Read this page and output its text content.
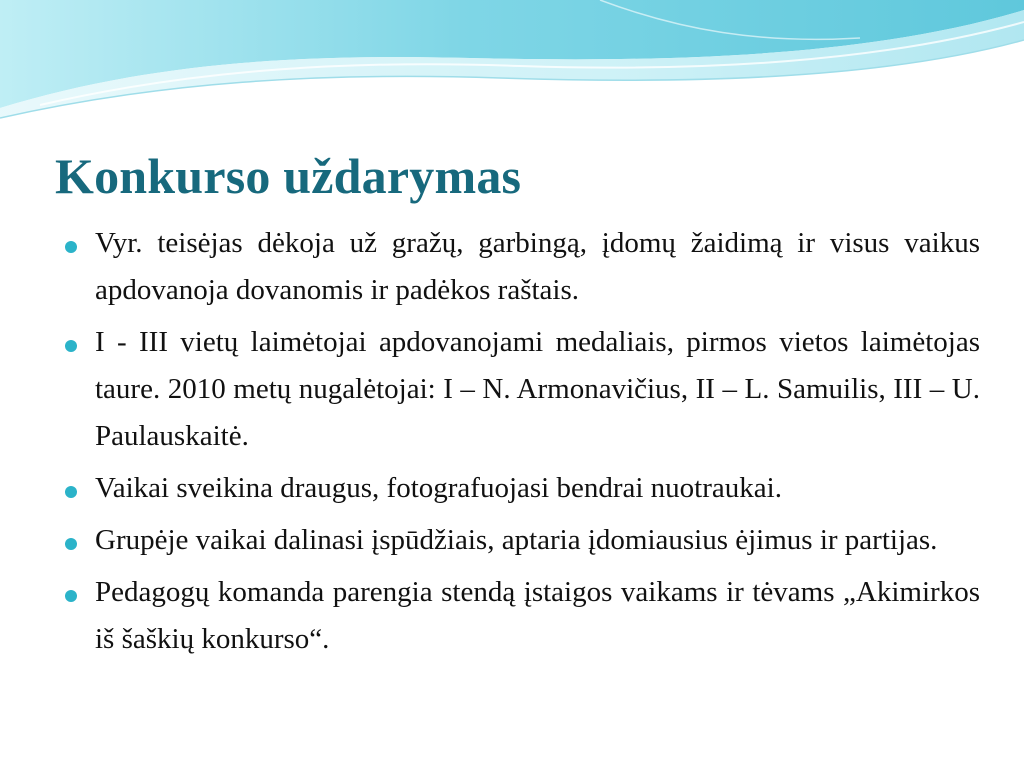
Konkurso uždarymas
Vyr. teisėjas dėkoja už gražų, garbingą, įdomų žaidimą ir visus vaikus apdovanoja dovanomis ir padėkos raštais.
I - III vietų laimėtojai apdovanojami medaliais, pirmos vietos laimėtojas taure. 2010 metų nugalėtojai: I – N. Armonavičius, II – L. Samuilis, III – U. Paulauskaitė.
Vaikai sveikina draugus, fotografuojasi bendrai nuotraukai.
Grupėje vaikai dalinasi įspūdžiais, aptaria įdomiausius ėjimus ir partijas.
Pedagogų komanda parengia stendą įstaigos vaikams ir tėvams „Akimirkos iš šaškių konkurso“.
